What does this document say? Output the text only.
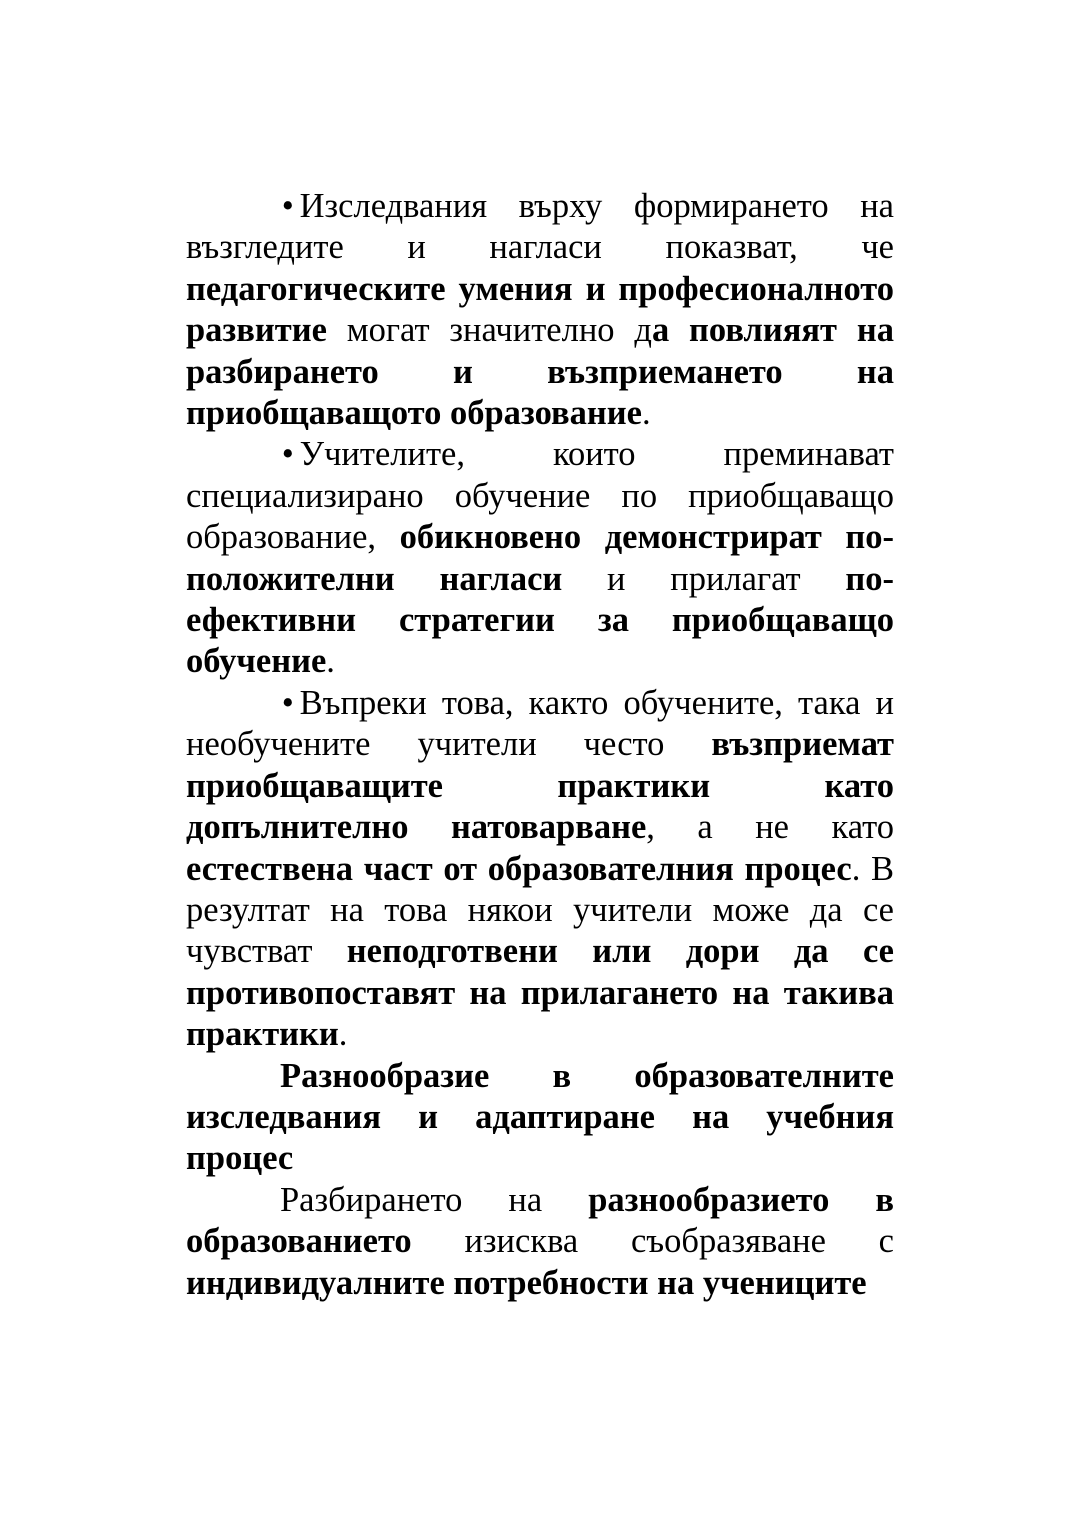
• Изследвания върху формирането на възгледите и нагласи показват, че педагогическите умения и професионалното развитие могат значително да повлияят на разбирането и възприемането на приобщаващото образование.

• Учителите, които преминават специализирано обучение по приобщаващо образование, обикновено демонстрират по-положителни нагласи и прилагат по-ефективни стратегии за приобщаващо обучение.

• Въпреки това, както обучените, така и необучените учители често възприемат приобщаващите практики като допълнително натоварване, а не като естествена част от образователния процес. В резултат на това някои учители може да се чувстват неподготвени или дори да се противопоставят на прилагането на такива практики.

Разнообразие в образователните изследвания и адаптиране на учебния процес

Разбирането на разнообразието в образованието изисква съобразяване с индивидуалните потребности на учениците
